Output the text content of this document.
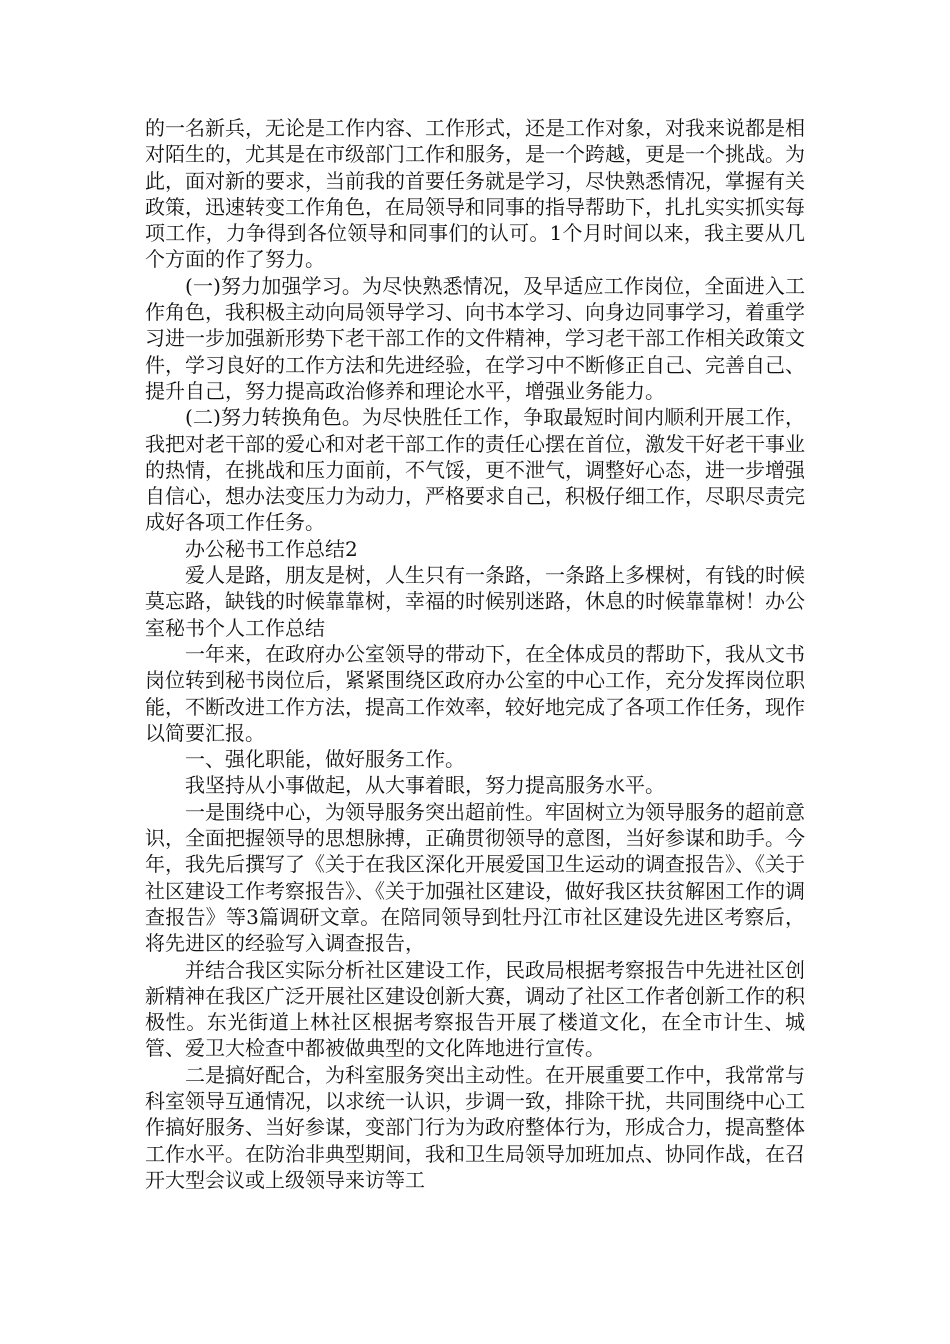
的一名新兵，无论是工作内容、工作形式，还是工作对象，对我来说都是相对陌生的，尤其是在市级部门工作和服务，是一个跨越，更是一个挑战。为此，面对新的要求，当前我的首要任务就是学习，尽快熟悉情况，掌握有关政策，迅速转变工作角色，在局领导和同事的指导帮助下，扎扎实实抓实每项工作，力争得到各位领导和同事们的认可。1个月时间以来，我主要从几个方面的作了努力。

(一)努力加强学习。为尽快熟悉情况，及早适应工作岗位，全面进入工作角色，我积极主动向局领导学习、向书本学习、向身边同事学习，着重学习进一步加强新形势下老干部工作的文件精神，学习老干部工作相关政策文件，学习良好的工作方法和先进经验，在学习中不断修正自己、完善自己、提升自己，努力提高政治修养和理论水平，增强业务能力。

(二)努力转换角色。为尽快胜任工作，争取最短时间内顺利开展工作，我把对老干部的爱心和对老干部工作的责任心摆在首位，激发干好老干事业的热情，在挑战和压力面前，不气馁，更不泄气，调整好心态，进一步增强自信心，想办法变压力为动力，严格要求自己，积极仔细工作，尽职尽责完成好各项工作任务。

办公秘书工作总结2

爱人是路，朋友是树，人生只有一条路，一条路上多棵树，有钱的时候莫忘路，缺钱的时候靠靠树，幸福的时候别迷路，休息的时候靠靠树！办公室秘书个人工作总结

一年来，在政府办公室领导的带动下，在全体成员的帮助下，我从文书岗位转到秘书岗位后，紧紧围绕区政府办公室的中心工作，充分发挥岗位职能，不断改进工作方法，提高工作效率，较好地完成了各项工作任务，现作以简要汇报。

一、强化职能，做好服务工作。

我坚持从小事做起，从大事着眼，努力提高服务水平。

一是围绕中心，为领导服务突出超前性。牢固树立为领导服务的超前意识，全面把握领导的思想脉搏，正确贯彻领导的意图，当好参谋和助手。今年，我先后撰写了《关于在我区深化开展爱国卫生运动的调查报告》、《关于社区建设工作考察报告》、《关于加强社区建设，做好我区扶贫解困工作的调查报告》等3篇调研文章。在陪同领导到牡丹江市社区建设先进区考察后，将先进区的经验写入调查报告，

并结合我区实际分析社区建设工作，民政局根据考察报告中先进社区创新精神在我区广泛开展社区建设创新大赛，调动了社区工作者创新工作的积极性。东光街道上林社区根据考察报告开展了楼道文化，在全市计生、城管、爱卫大检查中都被做典型的文化阵地进行宣传。

二是搞好配合，为科室服务突出主动性。在开展重要工作中，我常常与科室领导互通情况，以求统一认识，步调一致，排除干扰，共同围绕中心工作搞好服务、当好参谋，变部门行为为政府整体行为，形成合力，提高整体工作水平。在防治非典型期间，我和卫生局领导加班加点、协同作战，在召开大型会议或上级领导来访等工
